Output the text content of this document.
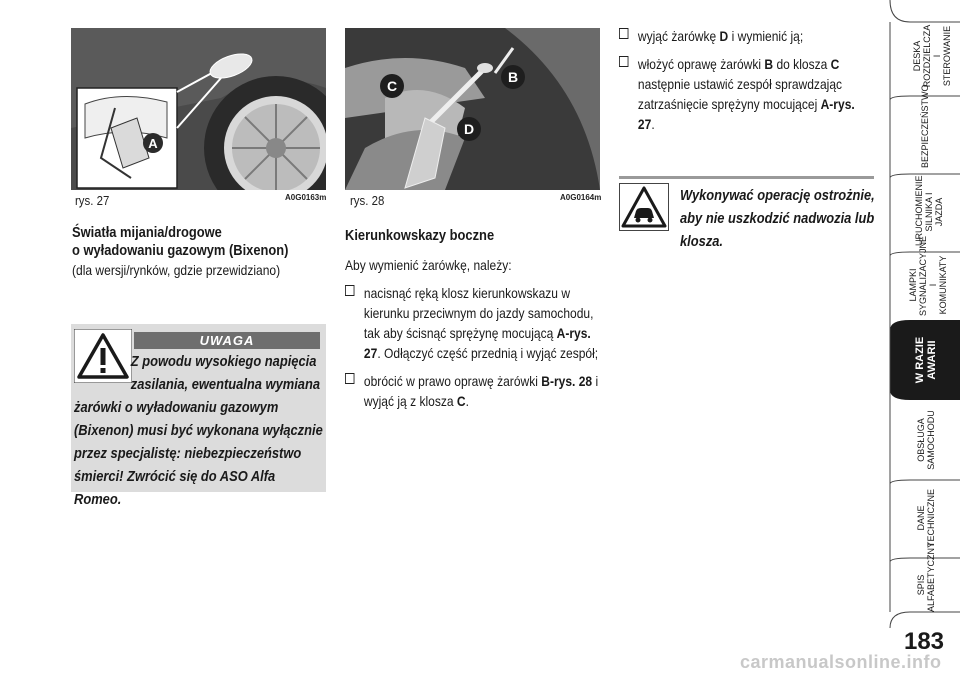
A
rys. 27	A0G0163m
C
B
D
rys. 28	A0G0164m
Światła mijania/drogowe
o wyładowaniu gazowym (Bixenon)
(dla wersji/rynków, gdzie przewidziano)
UWAGA
Z powodu wysokiego napięcia zasilania, ewentualna wymiana żarówki o wyładowaniu gazowym (Bixenon) musi być wykonana wyłącznie przez specjalistę: niebezpieczeństwo śmierci! Zwrócić się do ASO Alfa Romeo.
Kierunkowskazy boczne
Aby wymienić żarówkę, należy:
nacisnąć ręką klosz kierunkowskazu w kierunku przeciwnym do jazdy samochodu, tak aby ścisnąć sprężynę mocującą A-rys. 27. Odłączyć część przednią i wyjąć zespół;
obrócić w prawo oprawę żarówki B-rys. 28 i wyjąć ją z klosza C.
wyjąć żarówkę D i wymienić ją;
włożyć oprawę żarówki B do klosza C następnie ustawić zespół sprawdzając zatrzaśnięcie sprężyny mocującej A-rys. 27.
Wykonywać operację ostrożnie, aby nie uszkodzić nadwozia lub klosza.
DESKA ROZDZIELCZA I STEROWANIE
BEZPIECZEŃSTWO
URUCHOMIENIE SILNIKA I JAZDA
LAMPKI SYGNALIZACYJNE I KOMUNIKATY
W RAZIE AWARII
OBSŁUGA SAMOCHODU
DANE TECHNICZNE
SPIS ALFABETYCZNY
183
carmanualsonline.info
